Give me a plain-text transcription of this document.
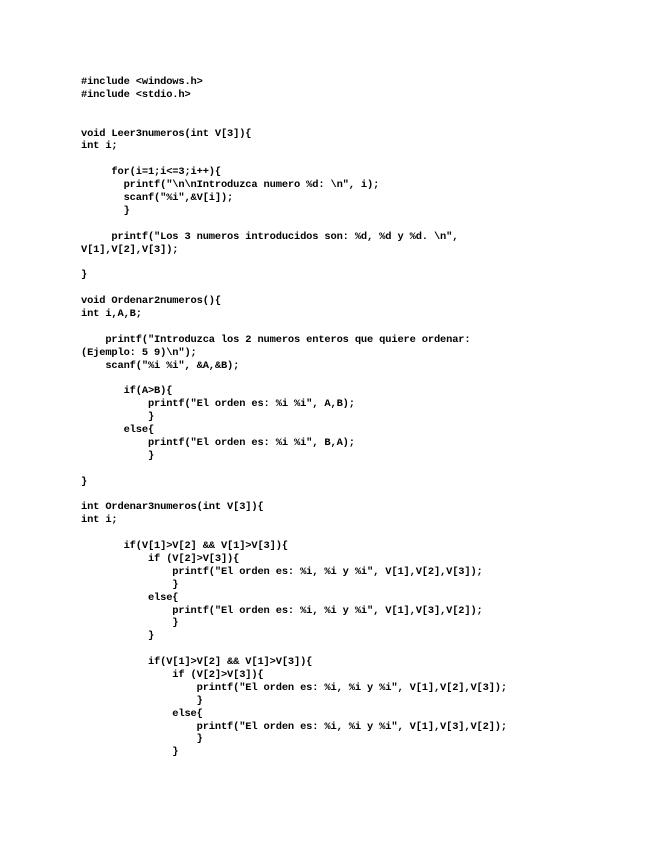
#include <windows.h>
#include <stdio.h>
void Leer3numeros(int V[3]){
int i;
for(i=1;i<=3;i++){
printf("\n\nIntroduzca numero %d: \n", i);
scanf("%i",&V[i]);
}
printf("Los 3 numeros introducidos son: %d, %d y %d. \n",
V[1],V[2],V[3]);
}
void Ordenar2numeros(){
int i,A,B;
printf("Introduzca los 2 numeros enteros que quiere ordenar:
(Ejemplo: 5 9)\n");
scanf("%i %i", &A,&B);
if(A>B){
printf("El orden es: %i %i", A,B);
}
else{
printf("El orden es: %i %i", B,A);
}
}
int Ordenar3numeros(int V[3]){
int i;
if(V[1]>V[2] && V[1]>V[3]){
if (V[2]>V[3]){
printf("El orden es: %i, %i y %i", V[1],V[2],V[3]);
}
else{
printf("El orden es: %i, %i y %i", V[1],V[3],V[2]);
}
}
if(V[1]>V[2] && V[1]>V[3]){
if (V[2]>V[3]){
printf("El orden es: %i, %i y %i", V[1],V[2],V[3]);
}
else{
printf("El orden es: %i, %i y %i", V[1],V[3],V[2]);
}
}
